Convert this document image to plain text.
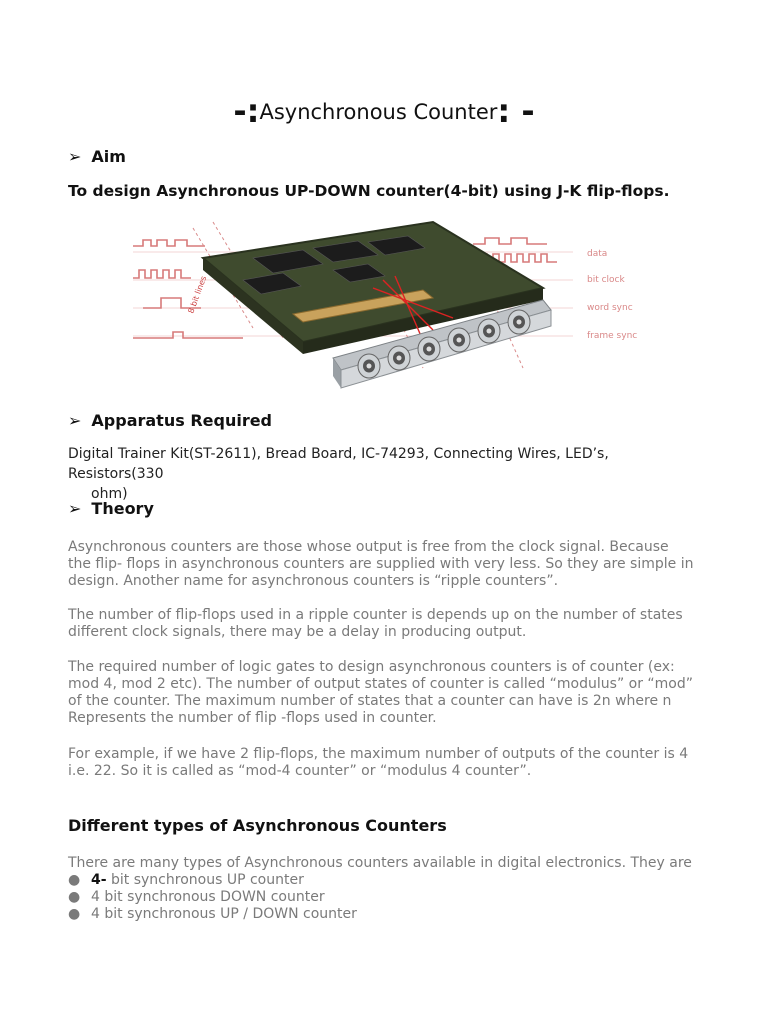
-:Asynchronous Counter: -
➢ Aim
To design Asynchronous UP-DOWN counter(4-bit) using J-K flip-flops.
8 bit lines
data
bit clock
word sync
frame sync
➢ Apparatus Required
Digital Trainer Kit(ST-2611), Bread Board, IC-74293, Connecting Wires, LED’s, Resistors(330
ohm)
➢ Theory
Asynchronous counters are those whose output is free from the clock signal. Because
the flip- flops in asynchronous counters are supplied with very less. So they are simple in
design. Another name for asynchronous counters is “ripple counters”.
The number of flip-flops used in a ripple counter is depends up on the number of states
different clock signals, there may be a delay in producing output.
The required number of logic gates to design asynchronous counters is of counter (ex:
mod 4, mod 2 etc). The number of output states of counter is called “modulus” or “mod”
of the counter. The maximum number of states that a counter can have is 2n where n
Represents the number of flip -flops used in counter.
For example, if we have 2 flip-flops, the maximum number of outputs of the counter is 4
i.e. 22. So it is called as “mod-4 counter” or “modulus 4 counter”.
Different types of Asynchronous Counters
There are many types of Asynchronous counters available in digital electronics. They are
● 4- bit synchronous UP counter
● 4 bit synchronous DOWN counter
● 4 bit synchronous UP / DOWN counter
